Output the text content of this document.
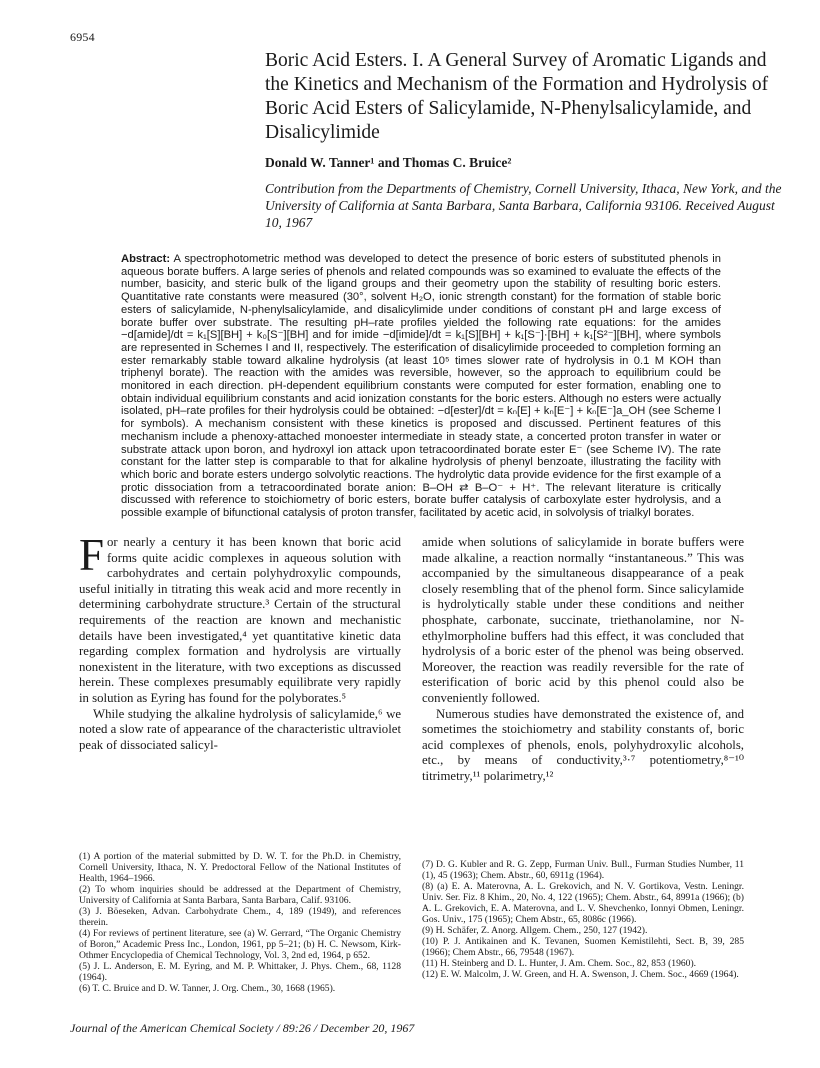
6954
Boric Acid Esters. I. A General Survey of Aromatic Ligands and the Kinetics and Mechanism of the Formation and Hydrolysis of Boric Acid Esters of Salicylamide, N-Phenylsalicylamide, and Disalicylimide
Donald W. Tanner¹ and Thomas C. Bruice²
Contribution from the Departments of Chemistry, Cornell University, Ithaca, New York, and the University of California at Santa Barbara, Santa Barbara, California 93106. Received August 10, 1967

Abstract: A spectrophotometric method was developed to detect the presence of boric esters of substituted phenols in aqueous borate buffers. A large series of phenols and related compounds was so examined to evaluate the effects of the number, basicity, and steric bulk of the ligand groups and their geometry upon the stability of resulting boric esters. Quantitative rate constants were measured (30°, solvent H₂O, ionic strength constant) for the formation of stable boric esters of salicylamide, N-phenylsalicylamide, and disalicylimide under conditions of constant pH and large excess of borate buffer over substrate. The resulting pH–rate profiles yielded the following rate equations: for the amides −d[amide]/dt = k₁[S][BH] + k₀[S⁻][BH] and for imide −d[imide]/dt = k₁[S][BH] + k₁[S⁻]·[BH] + k₁[S²⁻][BH], where symbols are represented in Schemes I and II, respectively. The esterification of disalicylimide proceeded to completion forming an ester remarkably stable toward alkaline hydrolysis (at least 10⁵ times slower rate of hydrolysis in 0.1 M KOH than triphenyl borate). The reaction with the amides was reversible, however, so the approach to equilibrium could be monitored in each direction. pH-dependent equilibrium constants were computed for ester formation, enabling one to obtain individual equilibrium constants and acid ionization constants for the boric esters. Although no esters were actually isolated, pH–rate profiles for their hydrolysis could be obtained: −d[ester]/dt = kₙ[E] + kₙ[E⁻] + kₙ[E⁻]a_OH (see Scheme I for symbols). A mechanism consistent with these kinetics is proposed and discussed. Pertinent features of this mechanism include a phenoxy-attached monoester intermediate in steady state, a concerted proton transfer in water or substrate attack upon boron, and hydroxyl ion attack upon tetracoordinated borate ester E⁻ (see Scheme IV). The rate constant for the latter step is comparable to that for alkaline hydrolysis of phenyl benzoate, illustrating the facility with which boric and borate esters undergo solvolytic reactions. The hydrolytic data provide evidence for the first example of a protic dissociation from a tetracoordinated borate anion: B–OH ⇄ B–O⁻ + H⁺. The relevant literature is critically discussed with reference to stoichiometry of boric esters, borate buffer catalysis of carboxylate ester hydrolysis, and a possible example of bifunctional catalysis of proton transfer, facilitated by acetic acid, in solvolysis of trialkyl borates.

F or nearly a century it has been known that boric acid forms quite acidic complexes in aqueous solution with carbohydrates and certain polyhydroxylic compounds, useful initially in titrating this weak acid and more recently in determining carbohydrate structure.³ Certain of the structural requirements of the reaction are known and mechanistic details have been investigated,⁴ yet quantitative kinetic data regarding complex formation and hydrolysis are virtually nonexistent in the literature, with two exceptions as discussed herein. These complexes presumably equilibrate very rapidly in solution as Eyring has found for the polyborates.⁵

While studying the alkaline hydrolysis of salicylamide,⁶ we noted a slow rate of appearance of the characteristic ultraviolet peak of dissociated salicyl-

amide when solutions of salicylamide in borate buffers were made alkaline, a reaction normally “instantaneous.” This was accompanied by the simultaneous disappearance of a peak closely resembling that of the phenol form. Since salicylamide is hydrolytically stable under these conditions and neither phosphate, carbonate, succinate, triethanolamine, nor N-ethylmorpholine buffers had this effect, it was concluded that hydrolysis of a boric ester of the phenol was being observed. Moreover, the reaction was readily reversible for the rate of esterification of boric acid by this phenol could also be conveniently followed.

Numerous studies have demonstrated the existence of, and sometimes the stoichiometry and stability constants of, boric acid complexes of phenols, enols, polyhydroxylic alcohols, etc., by means of conductivity,³·⁷ potentiometry,⁸⁻¹⁰ titrimetry,¹¹ polarimetry,¹²

(1) A portion of the material submitted by D. W. T. for the Ph.D. in Chemistry, Cornell University, Ithaca, N. Y. Predoctoral Fellow of the National Institutes of Health, 1964–1966.

(2) To whom inquiries should be addressed at the Department of Chemistry, University of California at Santa Barbara, Santa Barbara, Calif. 93106.

(3) J. Böeseken, Advan. Carbohydrate Chem., 4, 189 (1949), and references therein.

(4) For reviews of pertinent literature, see (a) W. Gerrard, “The Organic Chemistry of Boron,” Academic Press Inc., London, 1961, pp 5–21; (b) H. C. Newsom, Kirk-Othmer Encyclopedia of Chemical Technology, Vol. 3, 2nd ed, 1964, p 652.

(5) J. L. Anderson, E. M. Eyring, and M. P. Whittaker, J. Phys. Chem., 68, 1128 (1964).

(6) T. C. Bruice and D. W. Tanner, J. Org. Chem., 30, 1668 (1965).

(7) D. G. Kubler and R. G. Zepp, Furman Univ. Bull., Furman Studies Number, 11 (1), 45 (1963); Chem. Abstr., 60, 6911g (1964).

(8) (a) E. A. Materovna, A. L. Grekovich, and N. V. Gortikova, Vestn. Leningr. Univ. Ser. Fiz. 8 Khim., 20, No. 4, 122 (1965); Chem. Abstr., 64, 8991a (1966); (b) A. L. Grekovich, E. A. Materovna, and L. V. Shevchenko, Ionnyi Obmen, Leningr. Gos. Univ., 175 (1965); Chem Abstr., 65, 8086c (1966).

(9) H. Schäfer, Z. Anorg. Allgem. Chem., 250, 127 (1942).

(10) P. J. Antikainen and K. Tevanen, Suomen Kemistilehti, Sect. B, 39, 285 (1966); Chem Abstr., 66, 79548 (1967).

(11) H. Steinberg and D. L. Hunter, J. Am. Chem. Soc., 82, 853 (1960).

(12) E. W. Malcolm, J. W. Green, and H. A. Swenson, J. Chem. Soc., 4669 (1964).

Journal of the American Chemical Society / 89:26 / December 20, 1967
